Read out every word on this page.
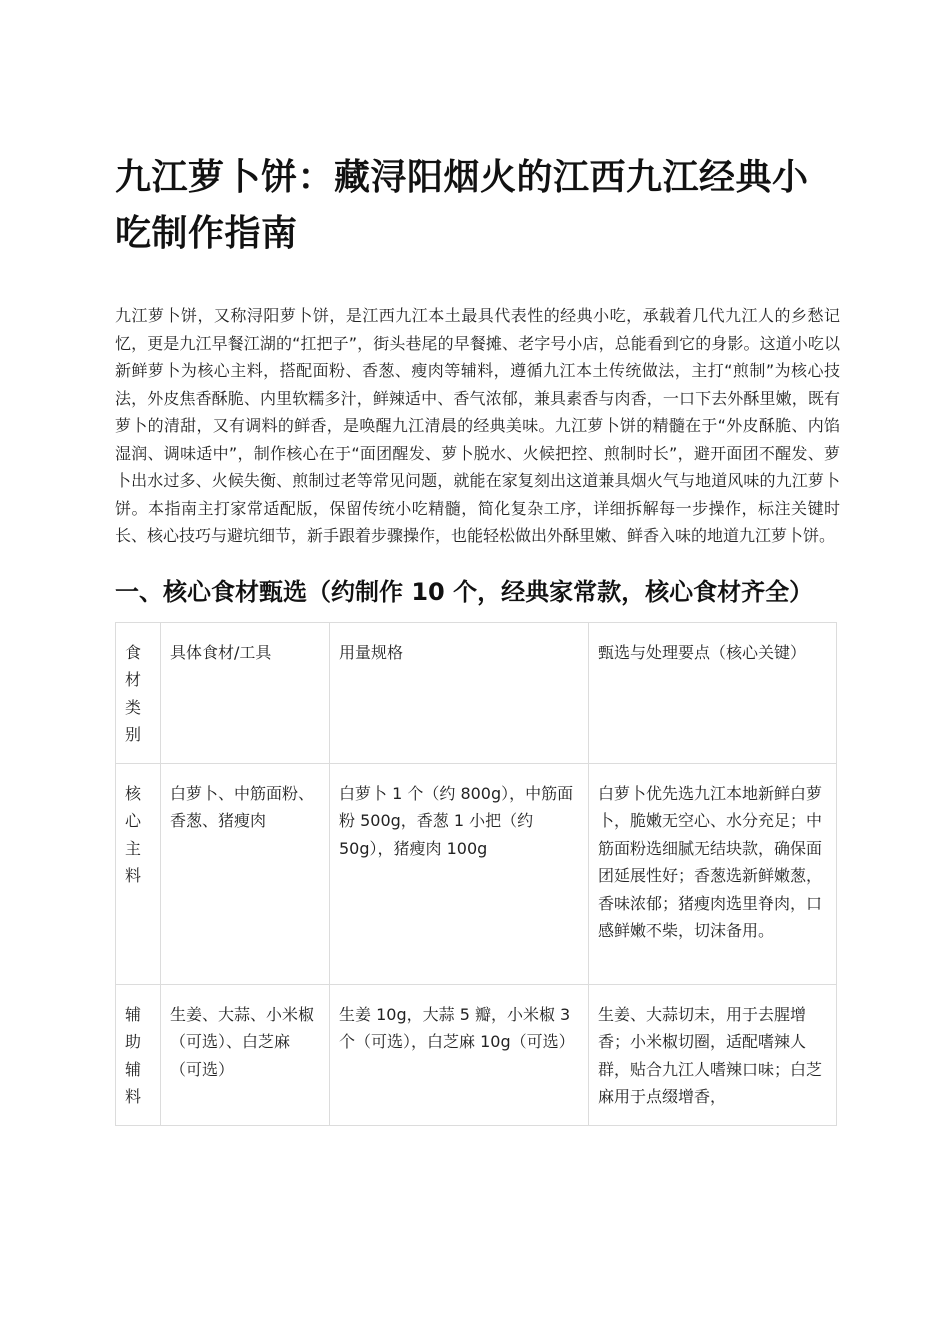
九江萝卜饼：藏浔阳烟火的江西九江经典小吃制作指南

九江萝卜饼，又称浔阳萝卜饼，是江西九江本土最具代表性的经典小吃，承载着几代九江人的乡愁记忆，更是九江早餐江湖的“扛把子”，街头巷尾的早餐摊、老字号小店，总能看到它的身影。这道小吃以新鲜萝卜为核心主料，搭配面粉、香葱、瘦肉等辅料，遵循九江本土传统做法，主打“煎制”为核心技法，外皮焦香酥脆、内里软糯多汁，鲜辣适中、香气浓郁，兼具素香与肉香，一口下去外酥里嫩，既有萝卜的清甜，又有调料的鲜香，是唤醒九江清晨的经典美味。九江萝卜饼的精髓在于“外皮酥脆、内馅湿润、调味适中”，制作核心在于“面团醒发、萝卜脱水、火候把控、煎制时长”，避开面团不醒发、萝卜出水过多、火候失衡、煎制过老等常见问题，就能在家复刻出这道兼具烟火气与地道风味的九江萝卜饼。本指南主打家常适配版，保留传统小吃精髓，简化复杂工序，详细拆解每一步操作，标注关键时长、核心技巧与避坑细节，新手跟着步骤操作，也能轻松做出外酥里嫩、鲜香入味的地道九江萝卜饼。

一、核心食材甄选（约制作 10 个，经典家常款，核心食材齐全）
食材类别	具体食材/工具	用量规格	甄选与处理要点（核心关键）
核心主料	白萝卜、中筋面粉、香葱、猪瘦肉	白萝卜 1 个（约 800g），中筋面粉 500g，香葱 1 小把（约 50g），猪瘦肉 100g	白萝卜优先选九江本地新鲜白萝卜，脆嫩无空心、水分充足；中筋面粉选细腻无结块款，确保面团延展性好；香葱选新鲜嫩葱，香味浓郁；猪瘦肉选里脊肉，口感鲜嫩不柴，切沫备用。
辅助辅料	生姜、大蒜、小米椒（可选）、白芝麻（可选）	生姜 10g，大蒜 5 瓣，小米椒 3 个（可选），白芝麻 10g（可选）	生姜、大蒜切末，用于去腥增香；小米椒切圈，适配嗜辣人群，贴合九江人嗜辣口味；白芝麻用于点缀增香，
